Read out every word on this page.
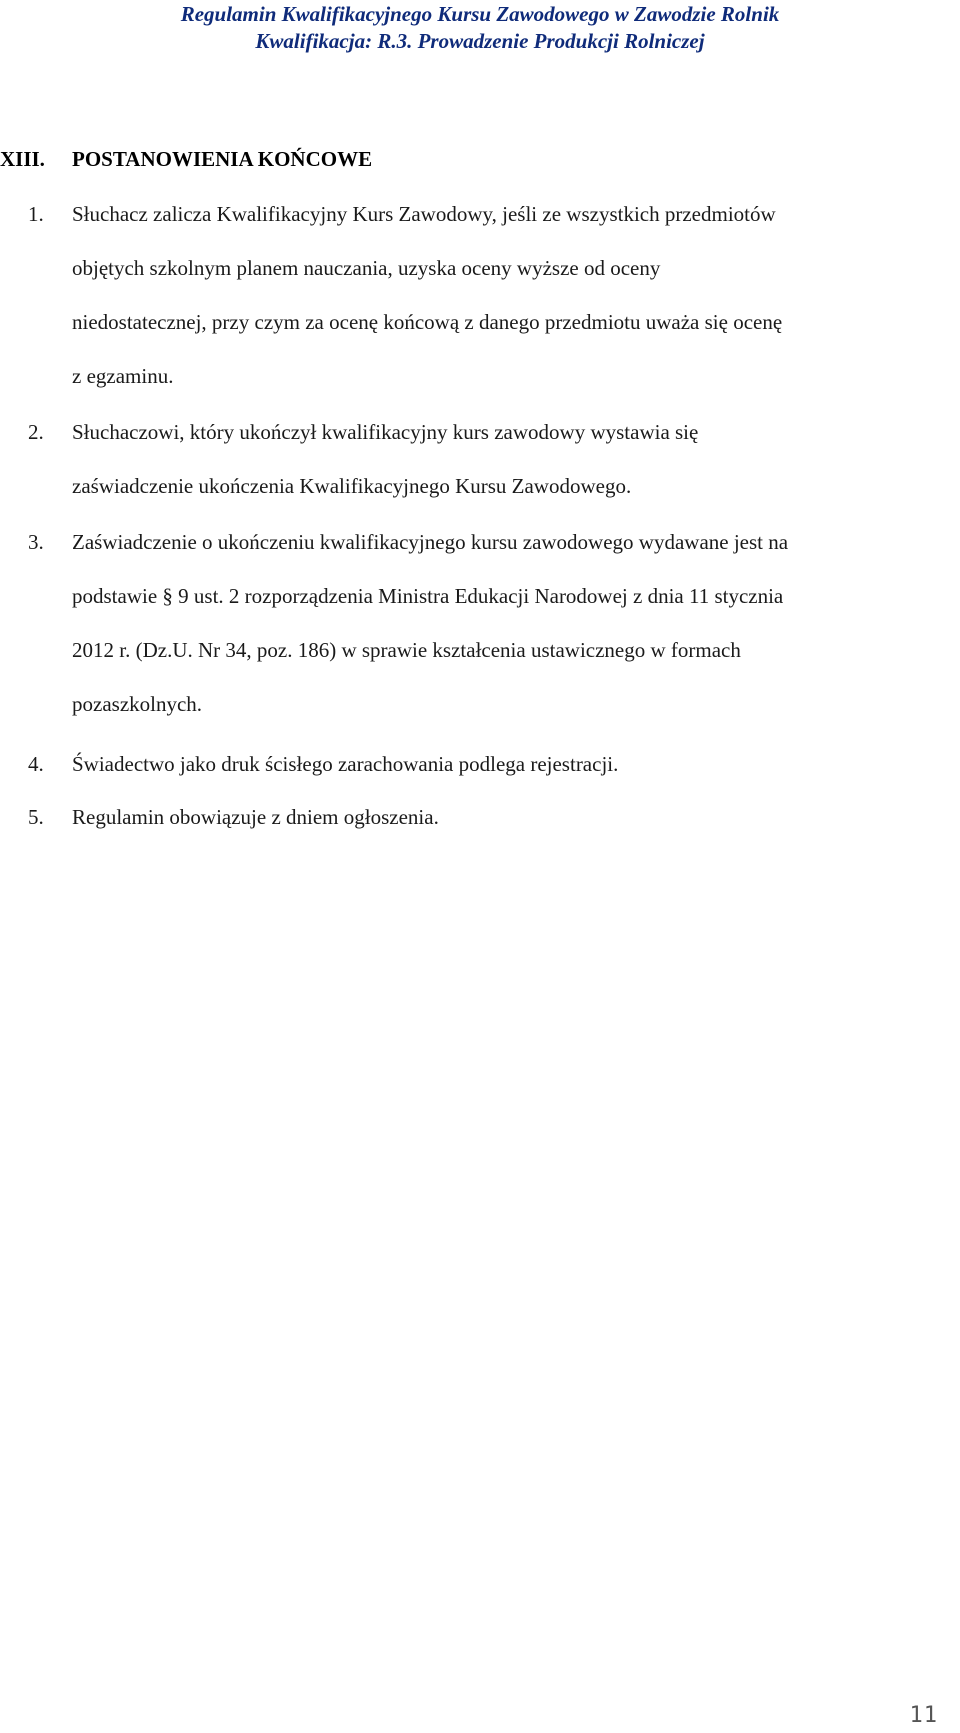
Regulamin Kwalifikacyjnego Kursu Zawodowego w Zawodzie Rolnik
Kwalifikacja: R.3. Prowadzenie Produkcji Rolniczej
XIII. POSTANOWIENIA KOŃCOWE
1.	Słuchacz zalicza Kwalifikacyjny Kurs Zawodowy, jeśli ze wszystkich przedmiotów
objętych szkolnym planem nauczania, uzyska oceny wyższe od oceny
niedostatecznej, przy czym za ocenę końcową z danego przedmiotu uważa się ocenę
z egzaminu.
2.	Słuchaczowi, który ukończył kwalifikacyjny kurs zawodowy wystawia się
zaświadczenie ukończenia Kwalifikacyjnego Kursu Zawodowego.
3.	Zaświadczenie o ukończeniu kwalifikacyjnego kursu zawodowego wydawane jest na
podstawie § 9 ust. 2 rozporządzenia Ministra Edukacji Narodowej z dnia 11 stycznia
2012 r. (Dz.U. Nr 34, poz. 186) w sprawie kształcenia ustawicznego w formach
pozaszkolnych.
4.	Świadectwo jako druk ścisłego zarachowania podlega rejestracji.
5.	Regulamin obowiązuje z dniem ogłoszenia.
11
